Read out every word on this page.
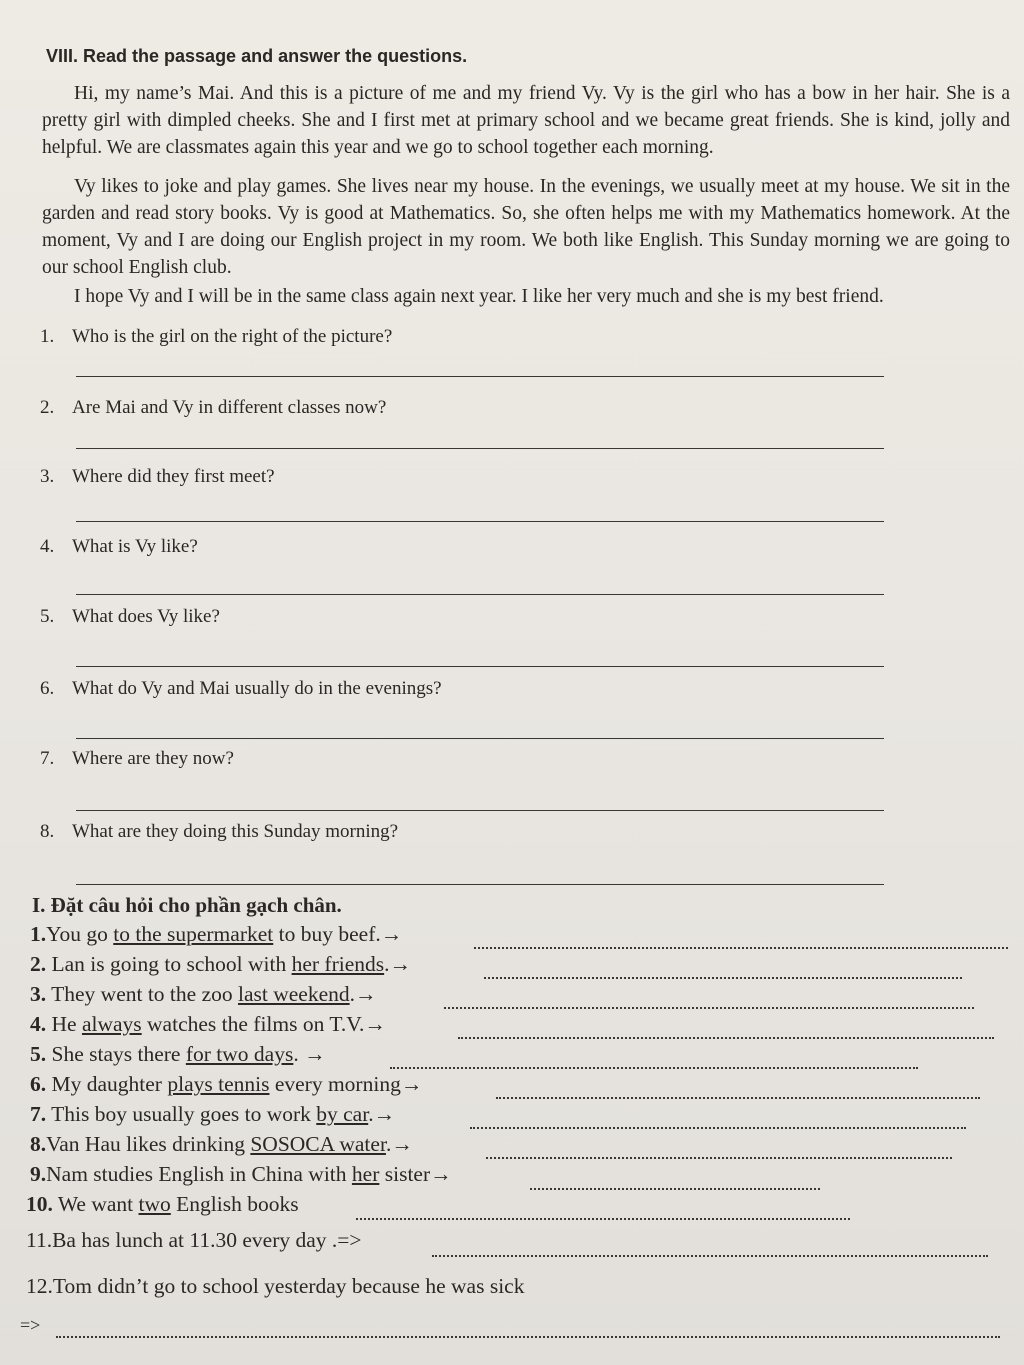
VIII. Read the passage and answer the questions.

Hi, my name’s Mai. And this is a picture of me and my friend Vy. Vy is the girl who has a bow in her hair. She is a pretty girl with dimpled cheeks. She and I first met at primary school and we became great friends. She is kind, jolly and helpful. We are classmates again this year and we go to school together each morning.

Vy likes to joke and play games. She lives near my house. In the evenings, we usually meet at my house. We sit in the garden and read story books. Vy is good at Mathematics. So, she often helps me with my Mathematics homework. At the moment, Vy and I are doing our English project in my room. We both like English. This Sunday morning we are going to our school English club.

I hope Vy and I will be in the same class again next year. I like her very much and she is my best friend.

1. Who is the girl on the right of the picture?
2. Are Mai and Vy in different classes now?
3. Where did they first meet?
4. What is Vy like?
5. What does Vy like?
6. What do Vy and Mai usually do in the evenings?
7. Where are they now?
8. What are they doing this Sunday morning?
I. Đặt câu hỏi cho phần gạch chân.
1.You go to the supermarket to buy beef.→
2. Lan is going to school with her friends.→
3. They went to the zoo last weekend.→
4. He always watches the films on T.V.→
5. She stays there for two days. →
6. My daughter plays tennis every morning→
7. This boy usually goes to work by car.→
8.Van Hau likes drinking SOSOCA water.→
9.Nam studies English in China with her sister→
10. We want two English books
11.Ba has lunch at 11.30 every day .=>
12.Tom didn’t go to school yesterday because he was sick
=>
